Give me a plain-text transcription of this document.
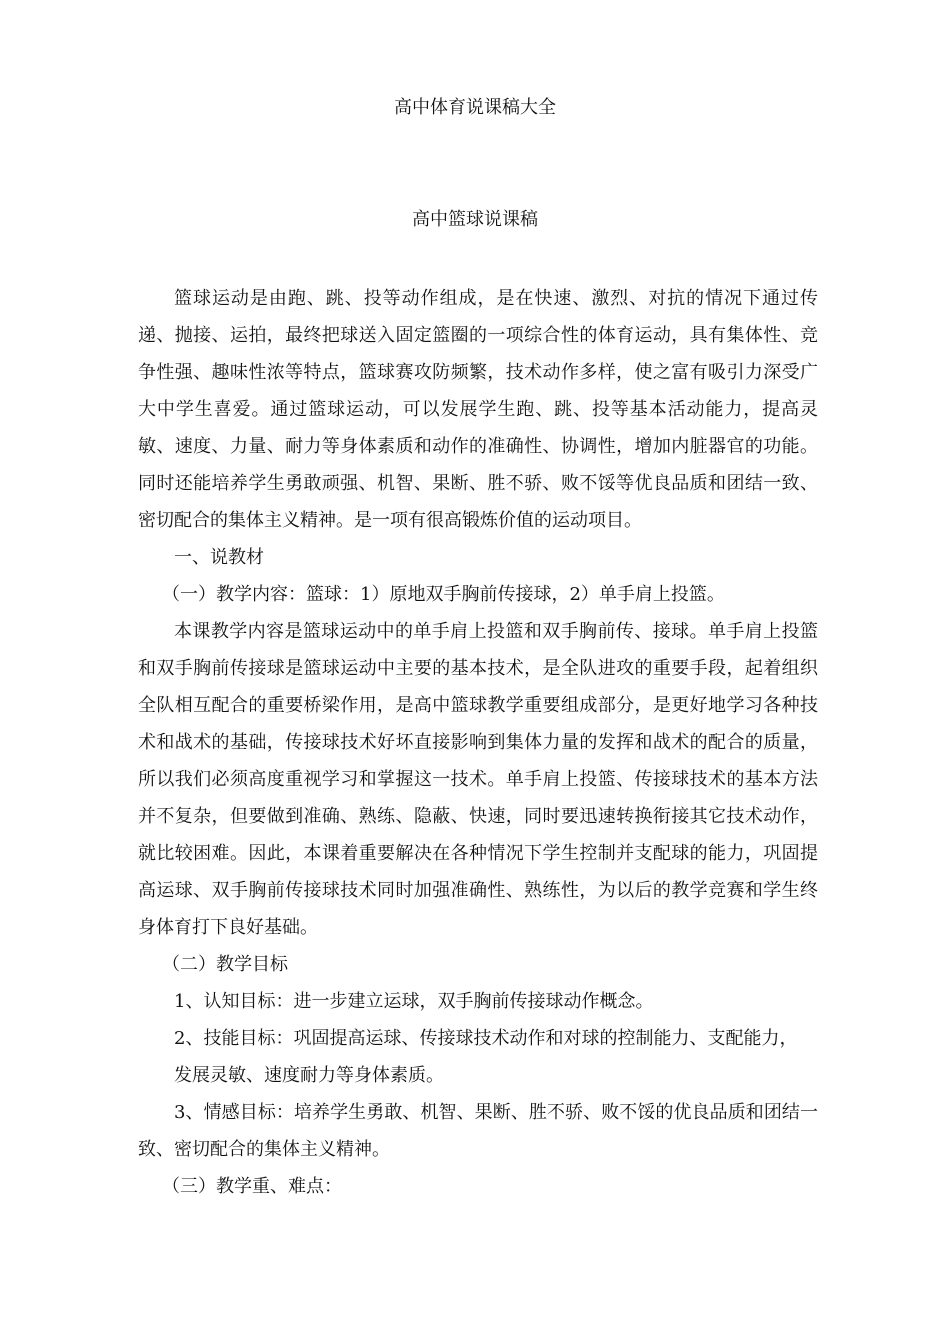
高中体育说课稿大全
高中篮球说课稿

篮球运动是由跑、跳、投等动作组成，是在快速、激烈、对抗的情况下通过传递、抛接、运拍，最终把球送入固定篮圈的一项综合性的体育运动，具有集体性、竞争性强、趣味性浓等特点，篮球赛攻防频繁，技术动作多样，使之富有吸引力深受广大中学生喜爱。通过篮球运动，可以发展学生跑、跳、投等基本活动能力，提高灵敏、速度、力量、耐力等身体素质和动作的准确性、协调性，增加内脏器官的功能。同时还能培养学生勇敢顽强、机智、果断、胜不骄、败不馁等优良品质和团结一致、密切配合的集体主义精神。是一项有很高锻炼价值的运动项目。

一、说教材

（一）教学内容：篮球：1）原地双手胸前传接球，2）单手肩上投篮。

本课教学内容是篮球运动中的单手肩上投篮和双手胸前传、接球。单手肩上投篮和双手胸前传接球是篮球运动中主要的基本技术，是全队进攻的重要手段，起着组织全队相互配合的重要桥梁作用，是高中篮球教学重要组成部分，是更好地学习各种技术和战术的基础，传接球技术好坏直接影响到集体力量的发挥和战术的配合的质量，所以我们必须高度重视学习和掌握这一技术。单手肩上投篮、传接球技术的基本方法并不复杂，但要做到准确、熟练、隐蔽、快速，同时要迅速转换衔接其它技术动作，就比较困难。因此，本课着重要解决在各种情况下学生控制并支配球的能力，巩固提高运球、双手胸前传接球技术同时加强准确性、熟练性，为以后的教学竞赛和学生终身体育打下良好基础。

（二）教学目标

1、认知目标：进一步建立运球，双手胸前传接球动作概念。

2、技能目标：巩固提高运球、传接球技术动作和对球的控制能力、支配能力，

发展灵敏、速度耐力等身体素质。

3、情感目标：培养学生勇敢、机智、果断、胜不骄、败不馁的优良品质和团结一致、密切配合的集体主义精神。

（三）教学重、难点：
